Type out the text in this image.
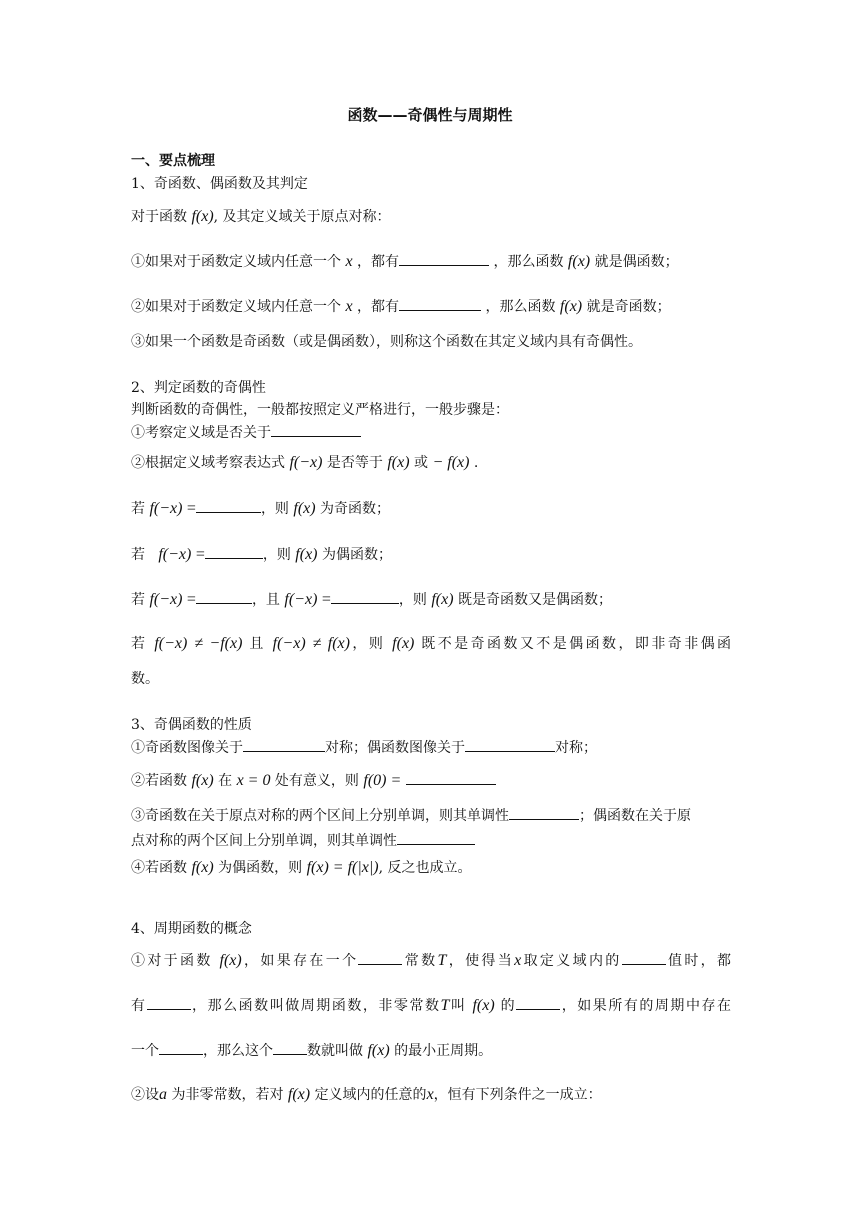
函数——奇偶性与周期性
一、要点梳理
1、奇函数、偶函数及其判定
对于函数 f(x), 及其定义域关于原点对称：
①如果对于函数定义域内任意一个 x ，都有	，那么函数 f(x) 就是偶函数；
②如果对于函数定义域内任意一个 x ，都有	，那么函数 f(x) 就是奇函数；
③如果一个函数是奇函数（或是偶函数），则称这个函数在其定义域内具有奇偶性。
2、判定函数的奇偶性
判断函数的奇偶性，一般都按照定义严格进行，一般步骤是：
①考察定义域是否关于
②根据定义域考察表达式 f(−x) 是否等于 f(x) 或 − f(x) .
若 f(−x) =	，则 f(x) 为奇函数；
若 f(−x) =	，则 f(x) 为偶函数；
若 f(−x) =	，且 f(−x) =	，则 f(x) 既是奇函数又是偶函数；
若 f(−x) ≠ −f(x) 且 f(−x) ≠ f(x)，则 f(x) 既不是奇函数又不是偶函数，即非奇非偶函
数。
3、奇偶函数的性质
①奇函数图像关于	对称；偶函数图像关于	对称；
②若函数 f(x) 在 x = 0 处有意义，则 f(0) =
③奇函数在关于原点对称的两个区间上分别单调，则其单调性	；偶函数在关于原
点对称的两个区间上分别单调，则其单调性
④若函数 f(x) 为偶函数，则 f(x) = f(|x|), 反之也成立。
4、周期函数的概念
①对于函数 f(x)，如果存在一个	常数T，使得当x取定义域内的	值时，都
有	，那么函数叫做周期函数，非零常数T叫 f(x) 的	，如果所有的周期中存在
一个	，那么这个 数就叫做 f(x) 的最小正周期。
②设a 为非零常数，若对 f(x) 定义域内的任意的x，恒有下列条件之一成立：
